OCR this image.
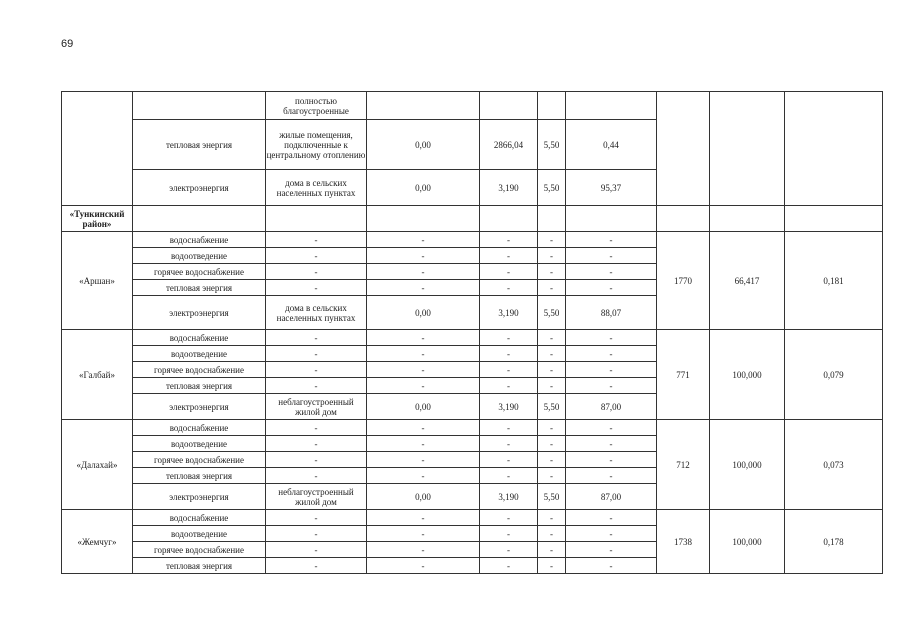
69

		полностью благоустроенные							

	тепловая энергия	жилые помещения, подключенные к центральному отоплению	0,00	2866,04	5,50	0,44			

	электроэнергия	дома в сельских населенных пунктах	0,00	3,190	5,50	95,37			

«Тункинский район»									

«Аршан»	водоснабжение	-	-	-	-	-	1770	66,417	0,181

	водоотведение	-	-	-	-	-			

	горячее водоснабжение	-	-	-	-	-			

	тепловая энергия	-	-	-	-	-			

	электроэнергия	дома в сельских населенных пунктах	0,00	3,190	5,50	88,07			

«Галбай»	водоснабжение	-	-	-	-	-	771	100,000	0,079

	водоотведение	-	-	-	-	-			

	горячее водоснабжение	-	-	-	-	-			

	тепловая энергия	-	-	-	-	-			

	электроэнергия	неблагоустроенный жилой дом	0,00	3,190	5,50	87,00			

«Далахай»	водоснабжение	-	-	-	-	-	712	100,000	0,073

	водоотведение	-	-	-	-	-			

	горячее водоснабжение	-	-	-	-	-			

	тепловая энергия	-	-	-	-	-			

	электроэнергия	неблагоустроенный жилой дом	0,00	3,190	5,50	87,00			

«Жемчуг»	водоснабжение	-	-	-	-	-	1738	100,000	0,178

	водоотведение	-	-	-	-	-			

	горячее водоснабжение	-	-	-	-	-			

	тепловая энергия	-	-	-	-	-			
